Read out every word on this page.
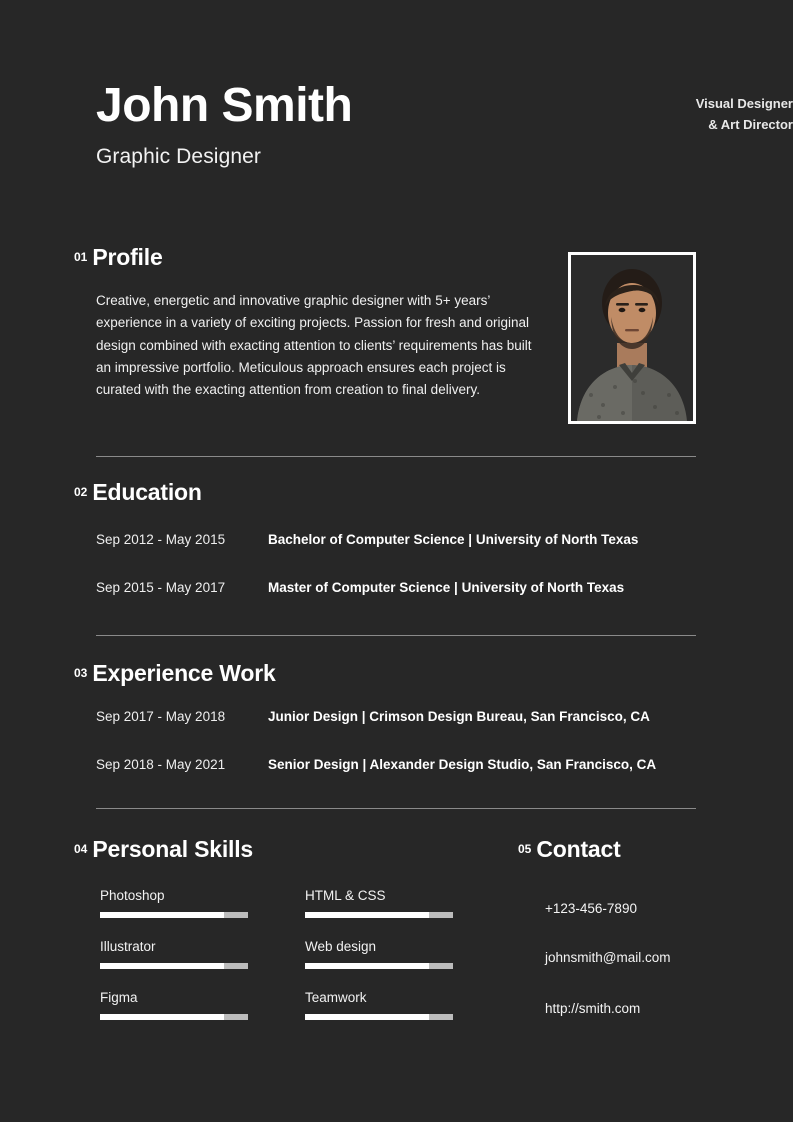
John Smith
Graphic Designer
Visual Designer
& Art Director
01 Profile
Creative, energetic and innovative graphic designer with 5+ years’ experience in a variety of exciting projects. Passion for fresh and original design combined with exacting attention to clients’ requirements has built an impressive portfolio. Meticulous approach ensures each project is curated with the exacting attention from creation to final delivery.
02 Education
Sep 2012 - May 2015	Bachelor of Computer Science | University of North Texas
Sep 2015 - May 2017	Master of Computer Science | University of North Texas
03 Experience Work
Sep 2017 - May 2018	Junior Design | Crimson Design Bureau, San Francisco, CA
Sep 2018 - May 2021	Senior Design | Alexander Design Studio, San Francisco, CA
04 Personal Skills	05 Contact
Photoshop
Illustrator
Figma
HTML & CSS
Web design
Teamwork
+123-456-7890
johnsmith@mail.com
http://smith.com
